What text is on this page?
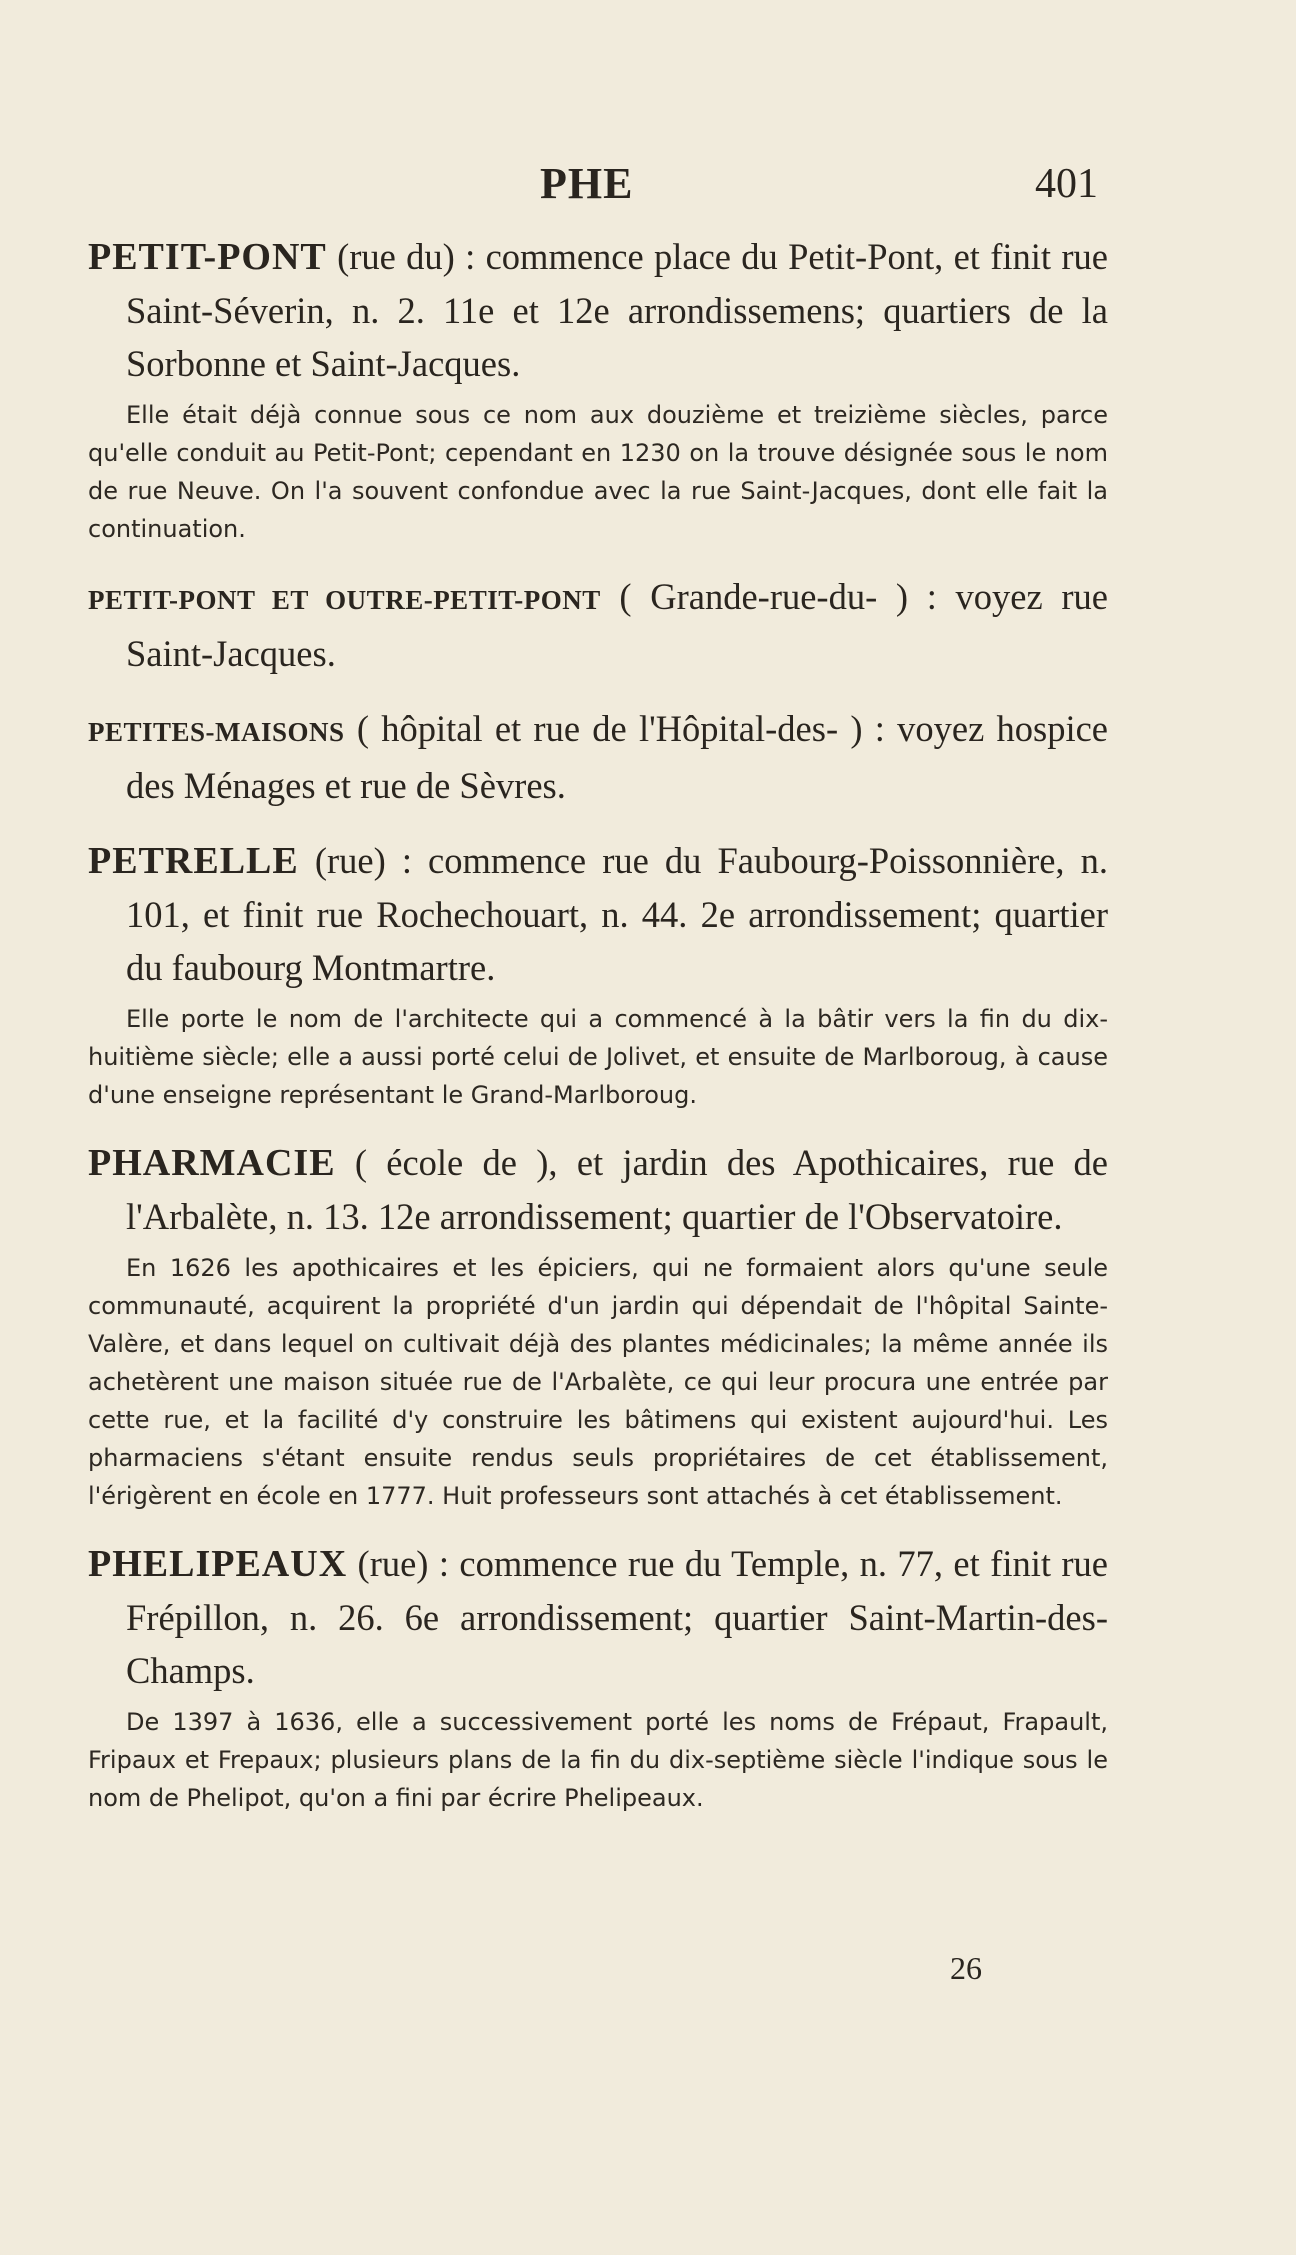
PHE	401

PETIT-PONT (rue du) : commence place du Petit-Pont, et finit rue Saint-Séverin, n. 2. 11e et 12e arrondissemens; quartiers de la Sorbonne et Saint-Jacques.

Elle était déjà connue sous ce nom aux douzième et treizième siècles, parce qu'elle conduit au Petit-Pont; cependant en 1230 on la trouve désignée sous le nom de rue Neuve. On l'a souvent confondue avec la rue Saint-Jacques, dont elle fait la continuation.

PETIT-PONT ET OUTRE-PETIT-PONT ( Grande-rue-du- ) : voyez rue Saint-Jacques.

PETITES-MAISONS ( hôpital et rue de l'Hôpital-des- ) : voyez hospice des Ménages et rue de Sèvres.

PETRELLE (rue) : commence rue du Faubourg-Poissonnière, n. 101, et finit rue Rochechouart, n. 44. 2e arrondissement; quartier du faubourg Montmartre.

Elle porte le nom de l'architecte qui a commencé à la bâtir vers la fin du dix-huitième siècle; elle a aussi porté celui de Jolivet, et ensuite de Marlboroug, à cause d'une enseigne représentant le Grand-Marlboroug.

PHARMACIE ( école de ), et jardin des Apothicaires, rue de l'Arbalète, n. 13. 12e arrondissement; quartier de l'Observatoire.

En 1626 les apothicaires et les épiciers, qui ne formaient alors qu'une seule communauté, acquirent la propriété d'un jardin qui dépendait de l'hôpital Sainte-Valère, et dans lequel on cultivait déjà des plantes médicinales; la même année ils achetèrent une maison située rue de l'Arbalète, ce qui leur procura une entrée par cette rue, et la facilité d'y construire les bâtimens qui existent aujourd'hui. Les pharmaciens s'étant ensuite rendus seuls propriétaires de cet établissement, l'érigèrent en école en 1777. Huit professeurs sont attachés à cet établissement.

PHELIPEAUX (rue) : commence rue du Temple, n. 77, et finit rue Frépillon, n. 26. 6e arrondissement; quartier Saint-Martin-des-Champs.

De 1397 à 1636, elle a successivement porté les noms de Frépaut, Frapault, Fripaux et Frepaux; plusieurs plans de la fin du dix-septième siècle l'indique sous le nom de Phelipot, qu'on a fini par écrire Phelipeaux.

26
